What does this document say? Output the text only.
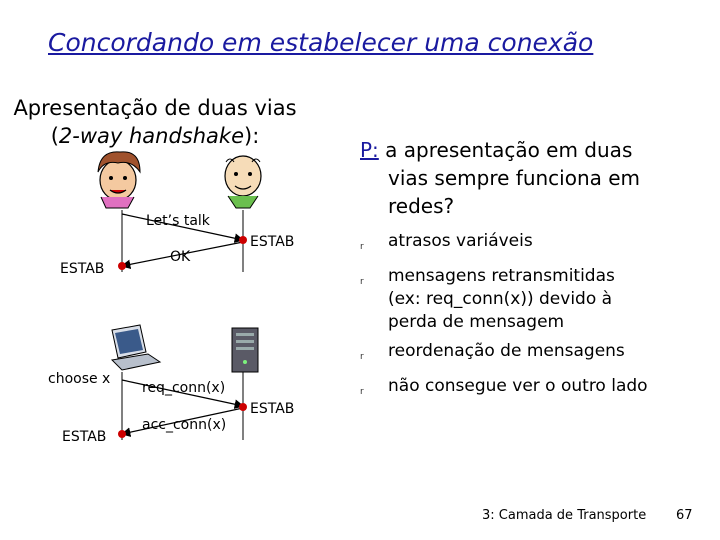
Concordando em estabelecer uma conexão
Apresentação de duas vias
(2-way handshake):
Let’s talk
OK
ESTAB
ESTAB
choose x
req_conn(x)
acc_conn(x)
ESTAB
ESTAB
P: a apresentação em duas
vias sempre funciona em
redes?
r	atrasos variáveis
r	mensagens retransmitidas
(ex: req_conn(x)) devido à
perda de mensagem
r	reordenação de mensagens
r	não consegue ver o outro lado
3: Camada de Transporte 67
